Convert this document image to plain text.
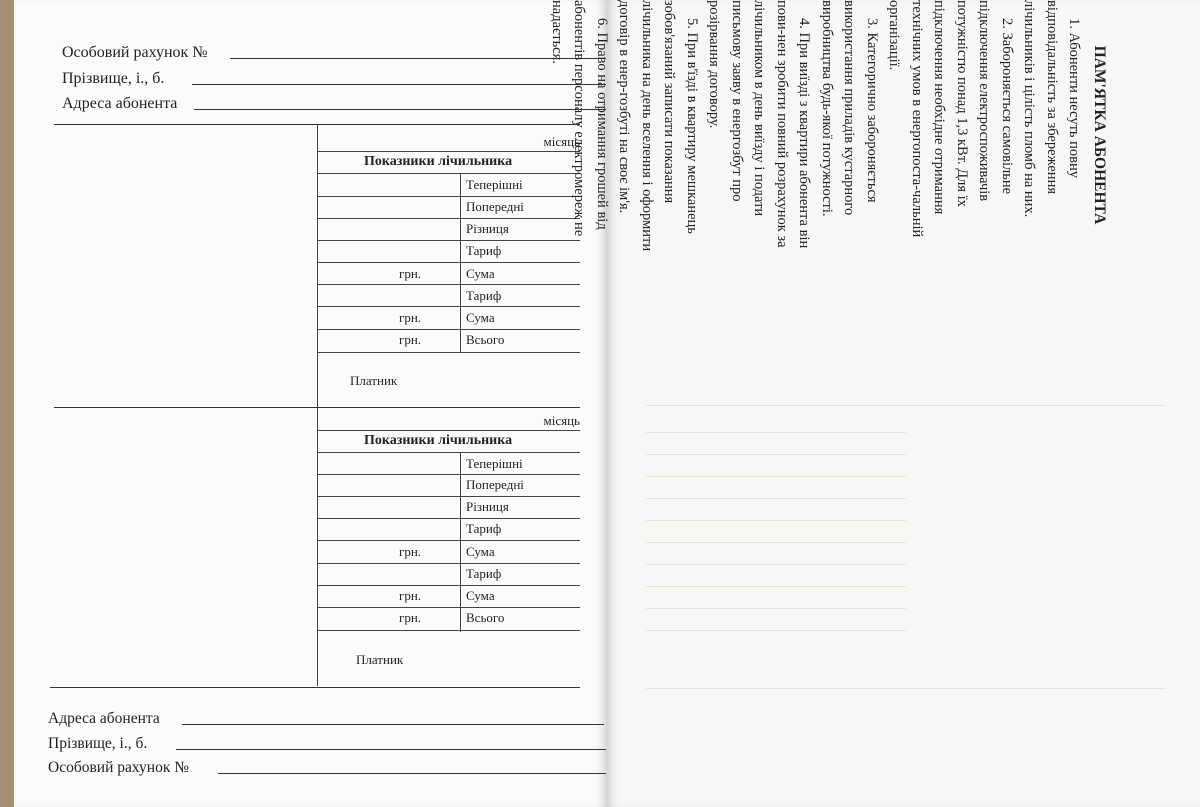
Особовий рахунок №
Прізвище, і., б.
Адреса абонента
місяць
Показники лічильника
Теперішні
Попередні
Різниця
Тариф
грн.	Сума
Тариф
грн.	Сума
грн.	Всього
Платник
місяць
Показники лічильника
Теперішні
Попередні
Різниця
Тариф
грн.	Сума
Тариф
грн.	Сума
грн.	Всього
Платник
Адреса абонента
Прізвище, і., б.
Особовий рахунок №
ПАМ'ЯТКА АБОНЕНТА
1. Абоненти несуть повну відповідальність за збереження лічильників і цілість пломб на них.
2. Забороняється самовільне підключення електроспоживачів потужністю понад 1,3 кВт. Для їх підключення необхідне отримання технічних умов в енергопоста-чальній організації.
3. Категорично забороняється використання приладів кустарного виробництва будь-якої потужності.
4. При виїзді з квартири абонента він пови-нен зробити повний розрахунок за лічильником в день виїзду і подати письмову заяву в енергозбут про розірвання договору.
5. При в'їзді в квартиру мешканець зобов'язаний записати показання лічильника на день вселення і оформити договір в енер-гозбуті на своє ім'я.
6. Право на отримання грошей від абонентів персоналу електромереж не надається.
